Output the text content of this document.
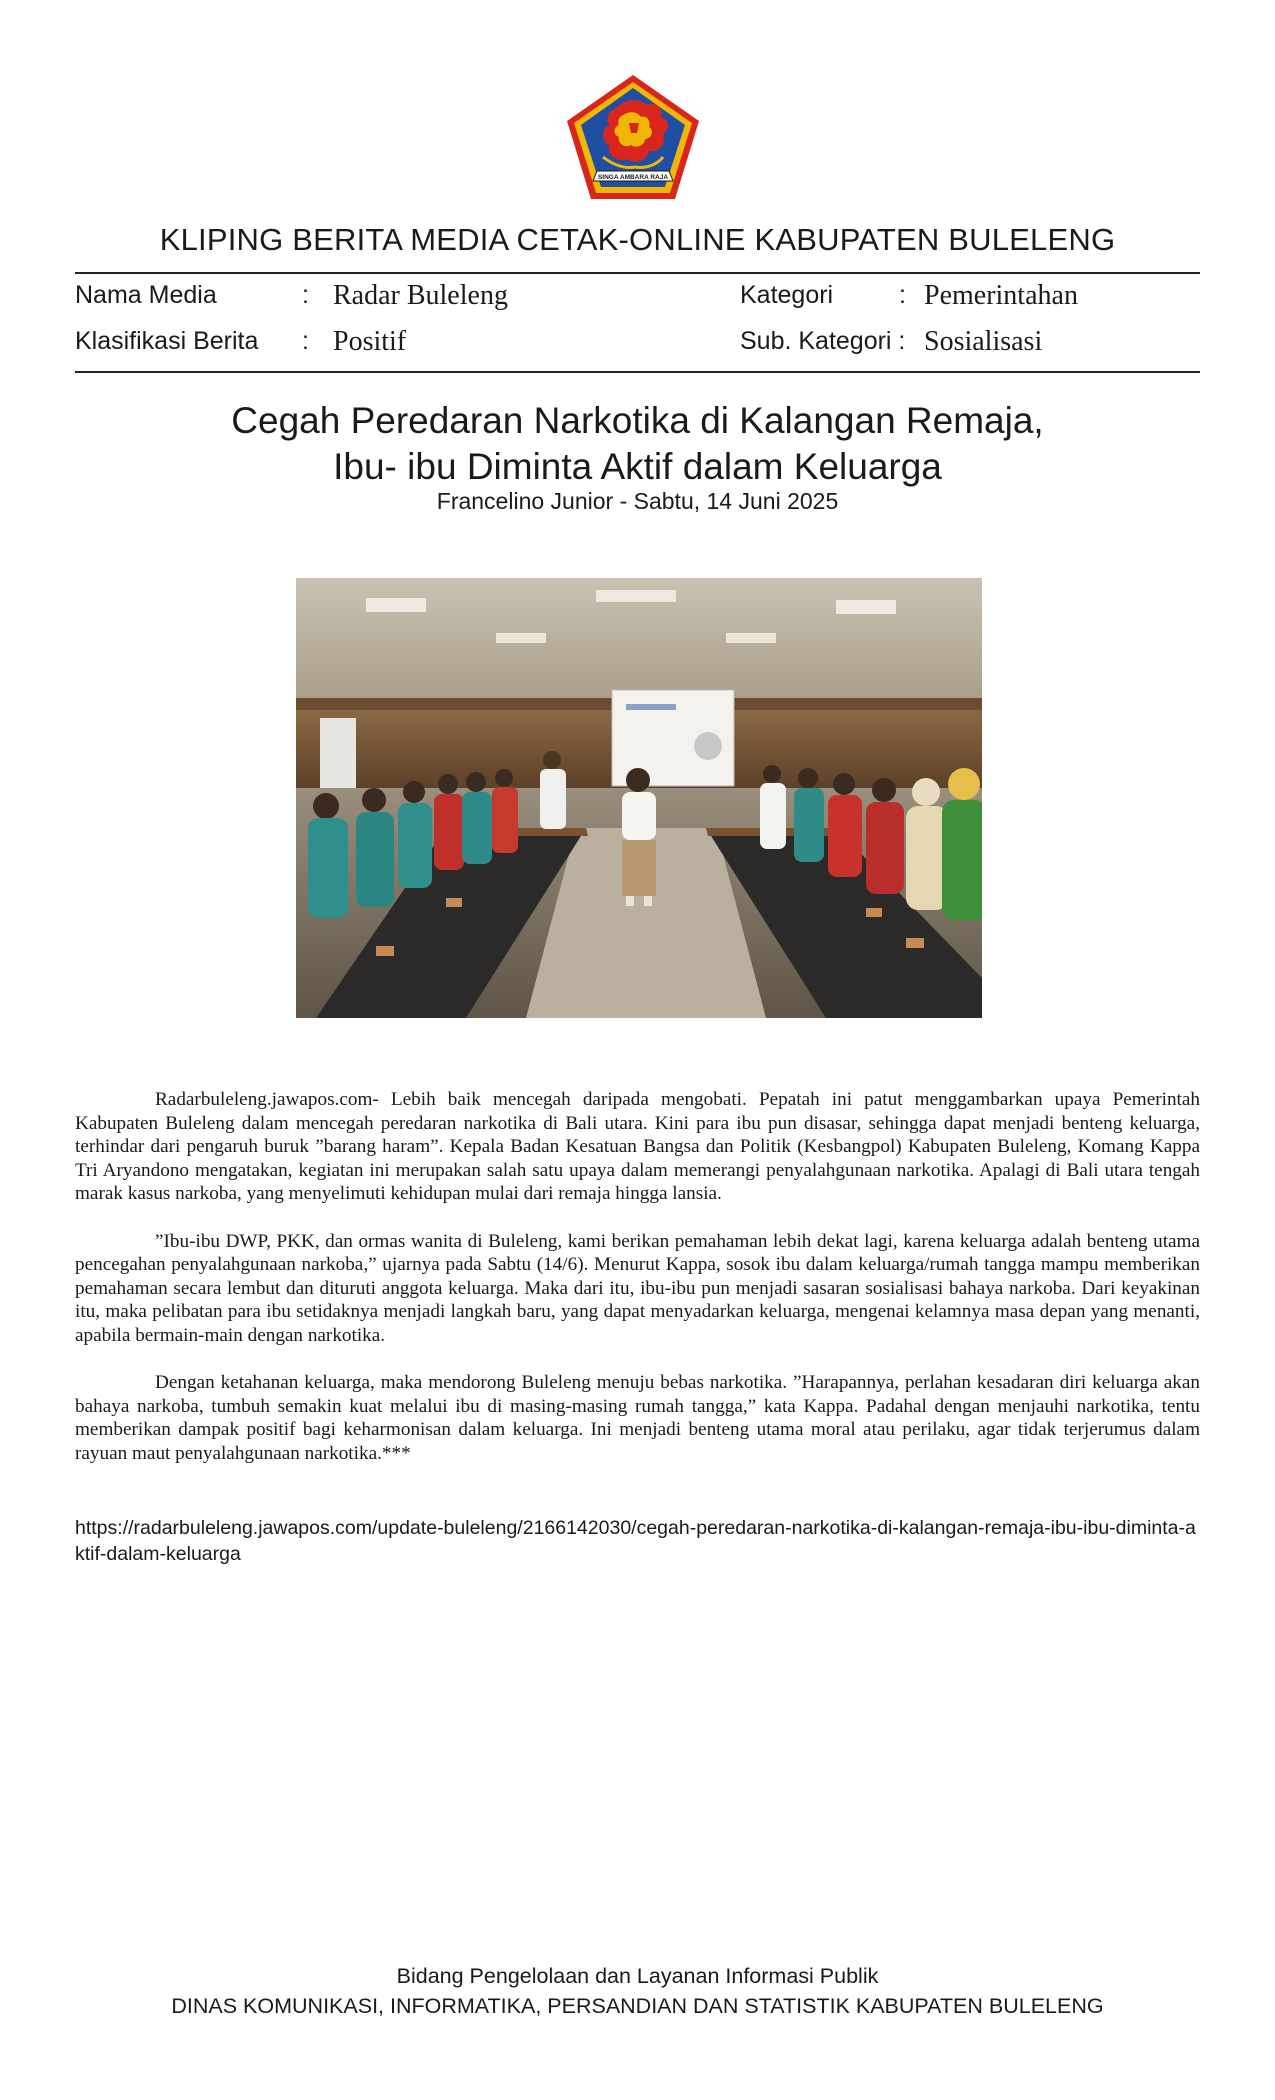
SINGA AMBARA RAJA
KLIPING BERITA MEDIA CETAK-ONLINE KABUPATEN BULELENG
Nama Media	: Radar Buleleng	Kategori	: Pemerintahan
Klasifikasi Berita : Positif	Sub. Kategori : Sosialisasi
Cegah Peredaran Narkotika di Kalangan Remaja,
Ibu- ibu Diminta Aktif dalam Keluarga
Francelino Junior - Sabtu, 14 Juni 2025

Radarbuleleng.jawapos.com- Lebih baik mencegah daripada mengobati. Pepatah ini patut menggambarkan upaya Pemerintah Kabupaten Buleleng dalam mencegah peredaran narkotika di Bali utara. Kini para ibu pun disasar, sehingga dapat menjadi benteng keluarga, terhindar dari pengaruh buruk ”barang haram”. Kepala Badan Kesatuan Bangsa dan Politik (Kesbangpol) Kabupaten Buleleng, Komang Kappa Tri Aryandono mengatakan, kegiatan ini merupakan salah satu upaya dalam memerangi penyalahgunaan narkotika. Apalagi di Bali utara tengah marak kasus narkoba, yang menyelimuti kehidupan mulai dari remaja hingga lansia.

”Ibu-ibu DWP, PKK, dan ormas wanita di Buleleng, kami berikan pemahaman lebih dekat lagi, karena keluarga adalah benteng utama pencegahan penyalahgunaan narkoba,” ujarnya pada Sabtu (14/6). Menurut Kappa, sosok ibu dalam keluarga/rumah tangga mampu memberikan pemahaman secara lembut dan dituruti anggota keluarga. Maka dari itu, ibu-ibu pun menjadi sasaran sosialisasi bahaya narkoba. Dari keyakinan itu, maka pelibatan para ibu setidaknya menjadi langkah baru, yang dapat menyadarkan keluarga, mengenai kelamnya masa depan yang menanti, apabila bermain-main dengan narkotika.

Dengan ketahanan keluarga, maka mendorong Buleleng menuju bebas narkotika. ”Harapannya, perlahan kesadaran diri keluarga akan bahaya narkoba, tumbuh semakin kuat melalui ibu di masing-masing rumah tangga,” kata Kappa. Padahal dengan menjauhi narkotika, tentu memberikan dampak positif bagi keharmonisan dalam keluarga. Ini menjadi benteng utama moral atau perilaku, agar tidak terjerumus dalam rayuan maut penyalahgunaan narkotika.***

https://radarbuleleng.jawapos.com/update-buleleng/2166142030/cegah-peredaran-narkotika-di-kalangan-remaja-ibu-ibu-diminta-aktif-dalam-keluarga
Bidang Pengelolaan dan Layanan Informasi Publik
DINAS KOMUNIKASI, INFORMATIKA, PERSANDIAN DAN STATISTIK KABUPATEN BULELENG
